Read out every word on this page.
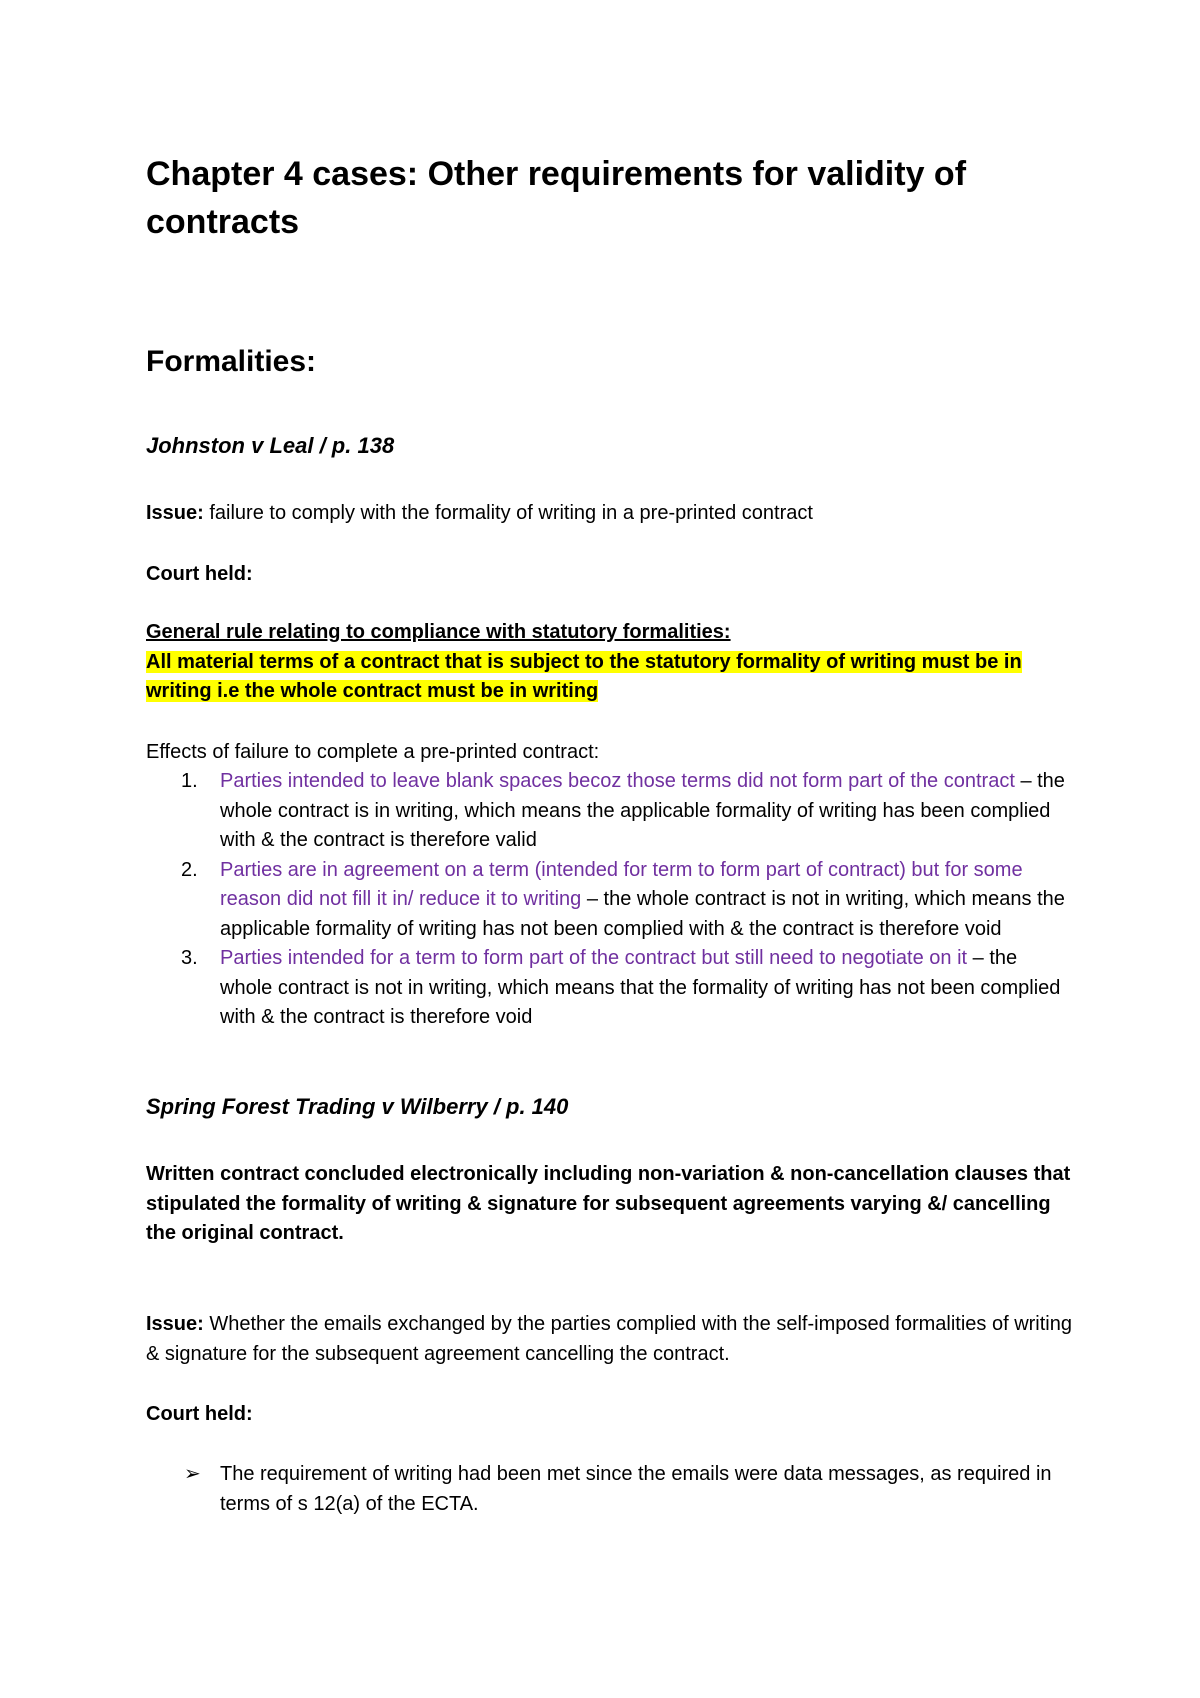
Chapter 4 cases: Other requirements for validity of contracts
Formalities:
Johnston v Leal / p. 138

Issue: failure to comply with the formality of writing in a pre-printed contract

Court held:

General rule relating to compliance with statutory formalities:
All material terms of a contract that is subject to the statutory formality of writing must be in writing i.e the whole contract must be in writing

Effects of failure to complete a pre-printed contract:

1. Parties intended to leave blank spaces becoz those terms did not form part of the contract – the whole contract is in writing, which means the applicable formality of writing has been complied with & the contract is therefore valid
2. Parties are in agreement on a term (intended for term to form part of contract) but for some reason did not fill it in/ reduce it to writing – the whole contract is not in writing, which means the applicable formality of writing has not been complied with & the contract is therefore void
3. Parties intended for a term to form part of the contract but still need to negotiate on it – the whole contract is not in writing, which means that the formality of writing has not been complied with & the contract is therefore void
Spring Forest Trading v Wilberry / p. 140

Written contract concluded electronically including non-variation & non-cancellation clauses that stipulated the formality of writing & signature for subsequent agreements varying &/ cancelling the original contract.

Issue: Whether the emails exchanged by the parties complied with the self-imposed formalities of writing & signature for the subsequent agreement cancelling the contract.

Court held:

➢ The requirement of writing had been met since the emails were data messages, as required in terms of s 12(a) of the ECTA.
